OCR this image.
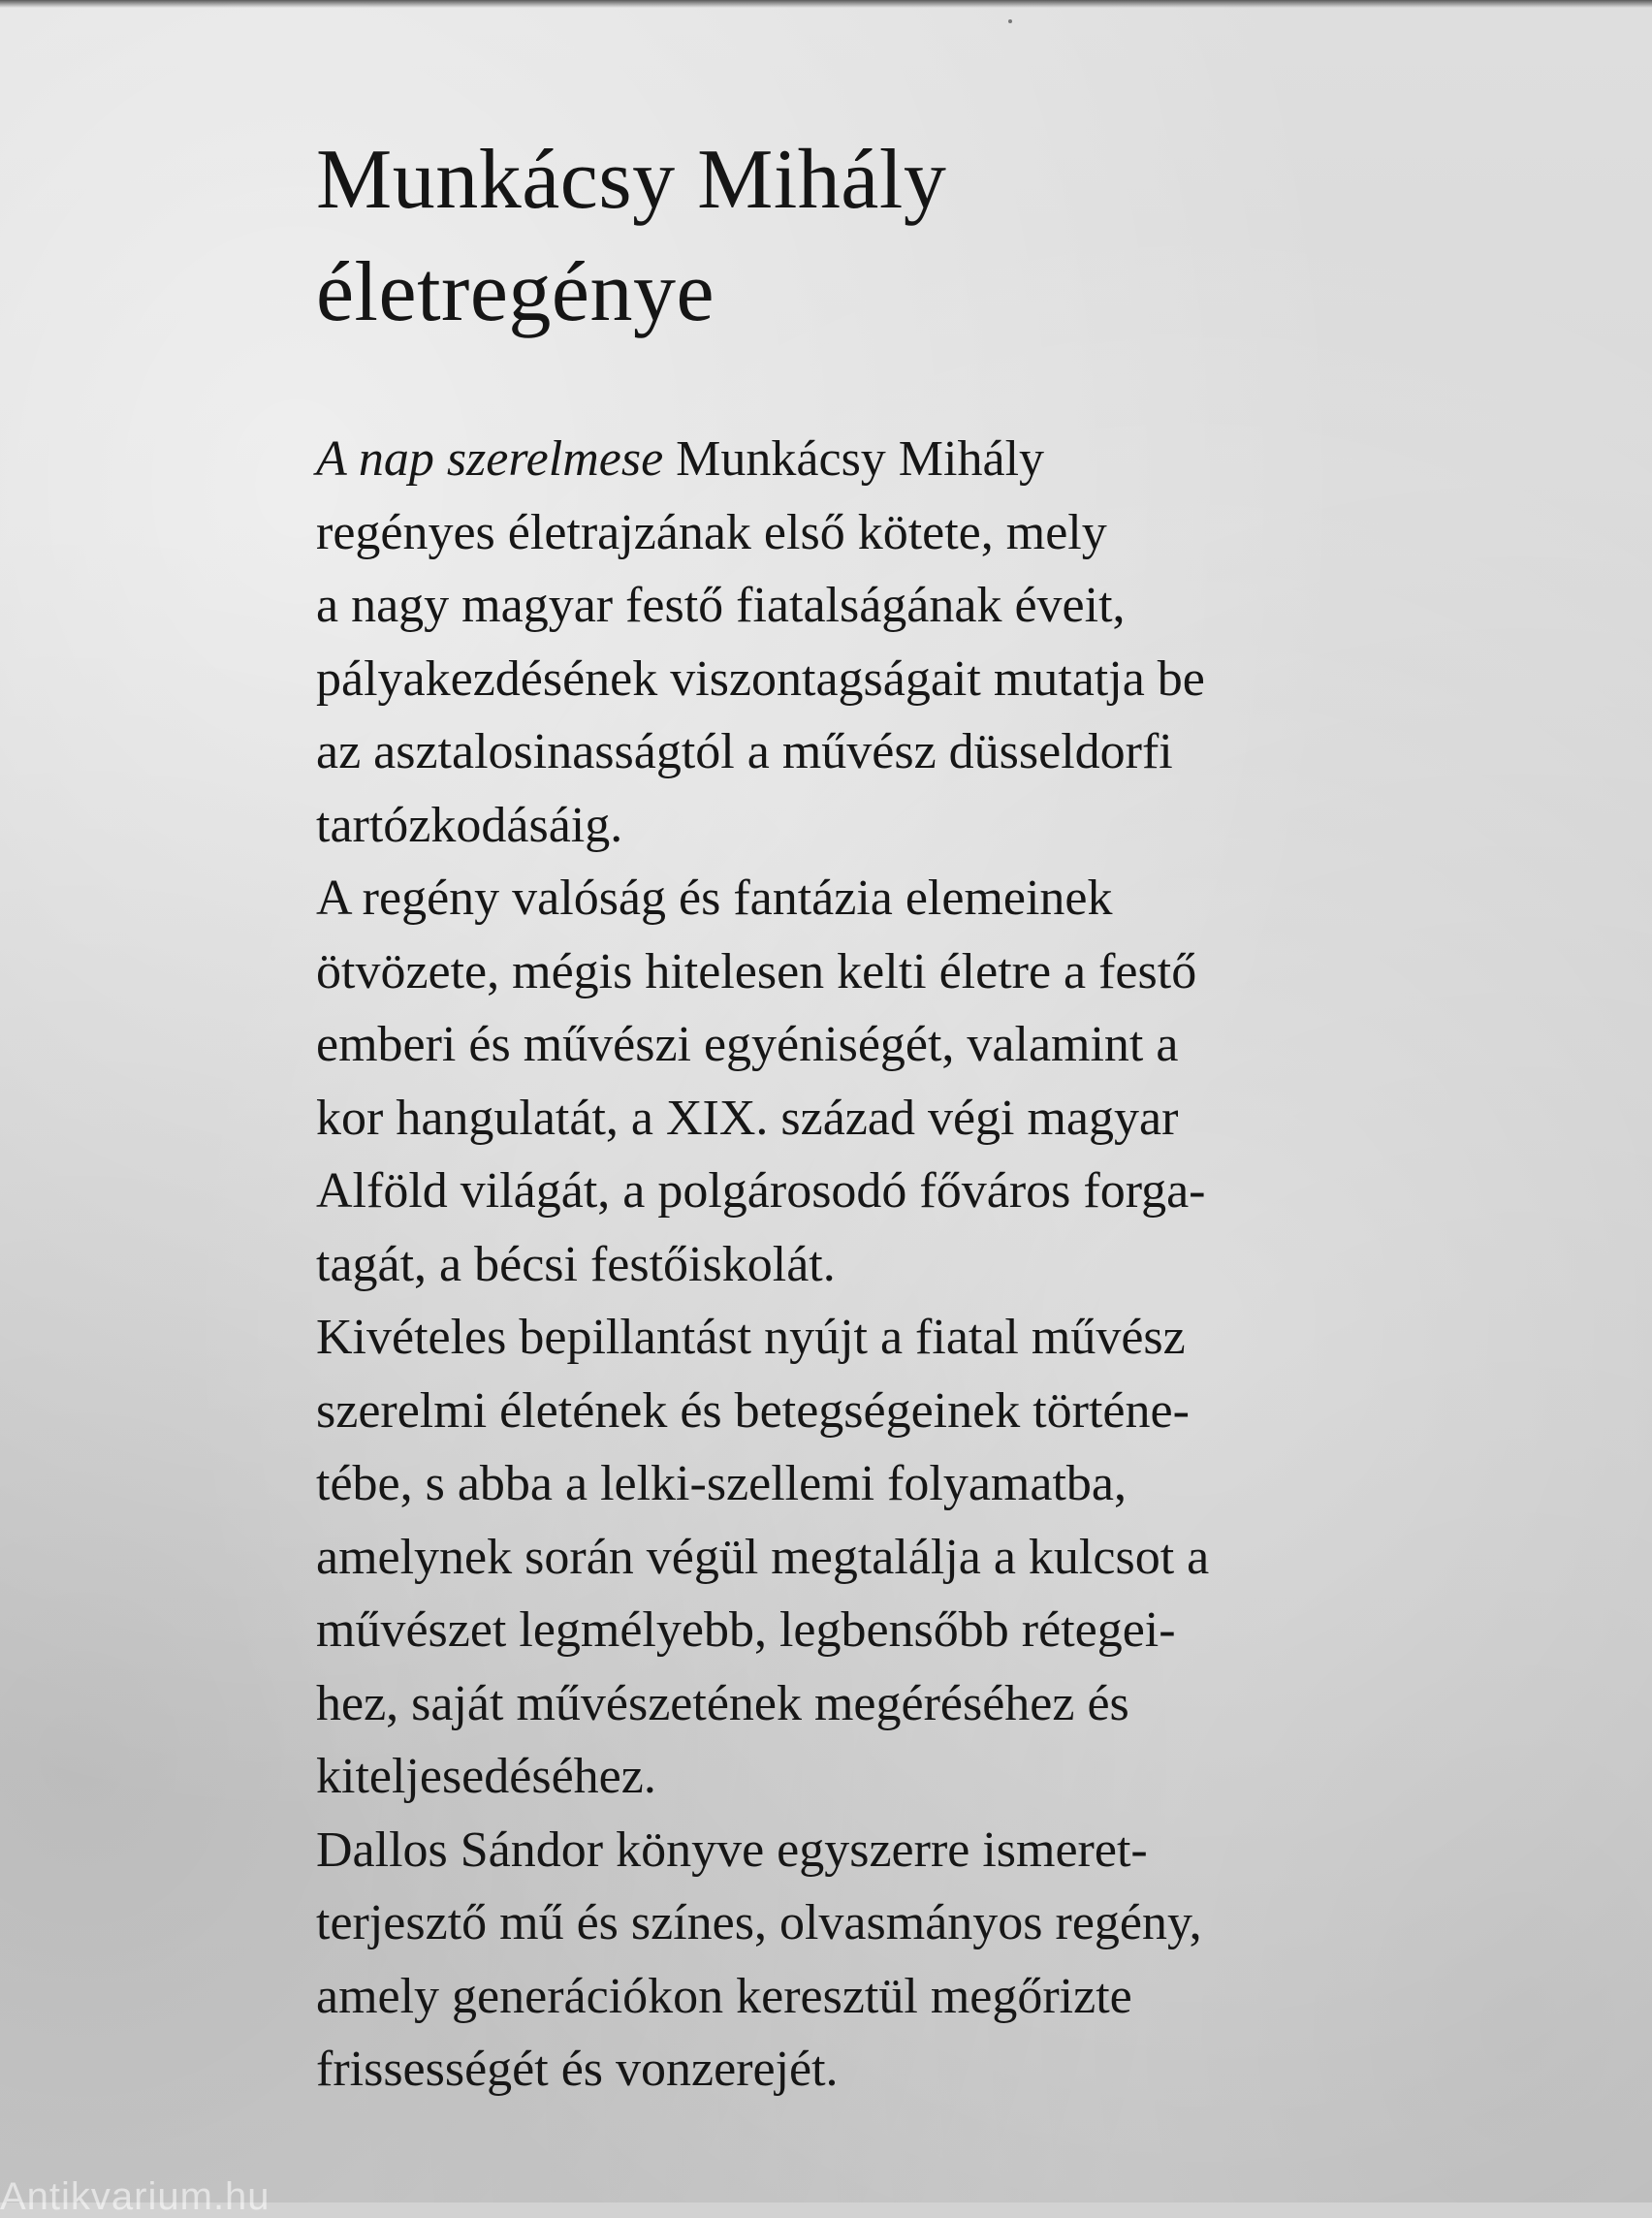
Munkácsy Mihály
életregénye
A nap szerelmese Munkácsy Mihály
regényes életrajzának első kötete, mely
a nagy magyar festő fiatalságának éveit,
pályakezdésének viszontagságait mutatja be
az asztalosinasságtól a művész düsseldorfi
tartózkodásáig.
A regény valóság és fantázia elemeinek
ötvözete, mégis hitelesen kelti életre a festő
emberi és művészi egyéniségét, valamint a
kor hangulatát, a XIX. század végi magyar
Alföld világát, a polgárosodó főváros forga-
tagát, a bécsi festőiskolát.
Kivételes bepillantást nyújt a fiatal művész
szerelmi életének és betegségeinek történe-
tébe, s abba a lelki-szellemi folyamatba,
amelynek során végül megtalálja a kulcsot a
művészet legmélyebb, legbensőbb rétegei-
hez, saját művészetének megéréséhez és
kiteljesedéséhez.
Dallos Sándor könyve egyszerre ismeret-
terjesztő mű és színes, olvasmányos regény,
amely generációkon keresztül megőrizte
frissességét és vonzerejét.
Antikvarium.hu
